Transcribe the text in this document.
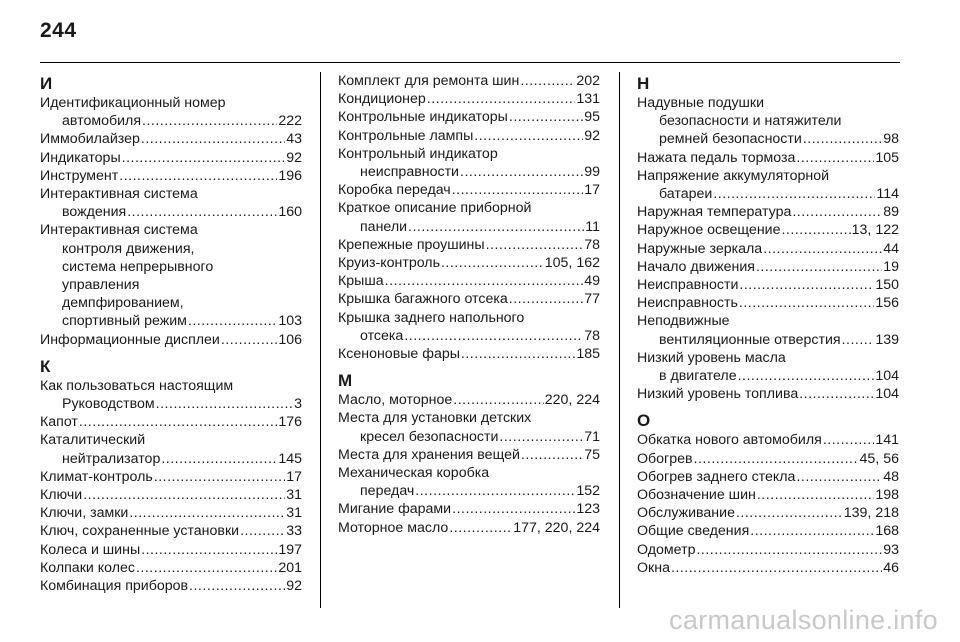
244
И
Идентификационный номер
автомобиля .....	222
Иммобилайзер .....	43
Индикаторы .....	92
Инструмент .....	196
Интерактивная система
вождения .....	160
Интерактивная система
контроля движения,
система непрерывного
управления
демпфированием,
спортивный режим .....	103
Информационные дисплеи .....	106
К
Как пользоваться настоящим
Руководством .....	3
Капот .....	176
Каталитический
нейтрализатор .....	145
Климат-контроль .....	17
Ключи .....	31
Ключи, замки .....	31
Ключ, сохраненные установки .....	33
Колеса и шины .....	197
Колпаки колес .....	201
Комбинация приборов .....	92
Комплект для ремонта шин .....	202
Кондиционер .....	131
Контрольные индикаторы .....	95
Контрольные лампы .....	92
Контрольный индикатор
неисправности .....	99
Коробка передач .....	17
Краткое описание приборной
панели .....	11
Крепежные проушины .....	78
Круиз-контроль .....	105, 162
Крыша .....	49
Крышка багажного отсека .....	77
Крышка заднего напольного
отсека .....	78
Ксеноновые фары .....	185
М
Масло, моторное .....	220, 224
Места для установки детских
кресел безопасности .....	71
Места для хранения вещей .....	75
Механическая коробка
передач .....	152
Мигание фарами .....	123
Моторное масло .....	177, 220, 224
Н
Надувные подушки
безопасности и натяжители
ремней безопасности .....	98
Нажата педаль тормоза .....	105
Напряжение аккумуляторной
батареи .....	114
Наружная температура .....	89
Наружное освещение .....	13, 122
Наружные зеркала .....	44
Начало движения .....	19
Неисправности .....	150
Неисправность .....	156
Неподвижные
вентиляционные отверстия ..... 139
Низкий уровень масла
в двигателе .....	104
Низкий уровень топлива .....	104
О
Обкатка нового автомобиля .....	141
Обогрев .....	45, 56
Обогрев заднего стекла .....	48
Обозначение шин .....	198
Обслуживание .....	139, 218
Общие сведения .....	168
Одометр .....	93
Окна .....	46
carmanualsonline.info
